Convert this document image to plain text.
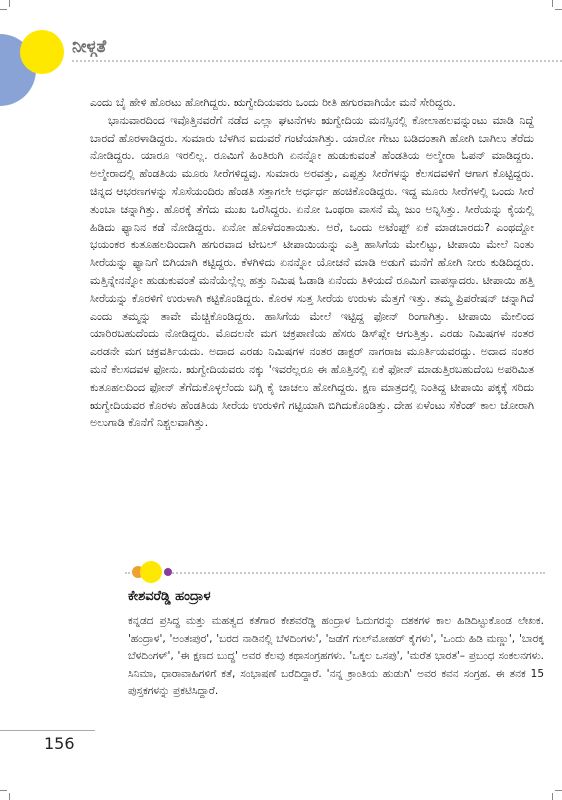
ನೀಳ್ಗತೆ

ಎಂದು ಬೈ ಹೇಳಿ ಹೊರಟು ಹೋಗಿದ್ದರು. ಋಗ್ವೇದಿಯವರು ಒಂದು ರೀತಿ ಹಗುರವಾಗಿಯೇ ಮನೆ ಸೇರಿದ್ದರು.

ಭಾನುವಾರದಿಂದ ಇವೊತ್ತಿನವರೆಗೆ ನಡೆದ ಎಲ್ಲಾ ಘಟನೆಗಳು ಋಗ್ವೇದಿಯ ಮನಸ್ಸಿನಲ್ಲಿ ಕೋಲಾಹಲವನ್ನುಂಟು ಮಾಡಿ ನಿದ್ದೆ ಬಾರದೆ ಹೊರಳಾಡಿದ್ದರು. ಸುಮಾರು ಬೆಳಗಿನ ಐದುವರೆ ಗಂಟೆಯಾಗಿತ್ತು. ಯಾರೋ ಗೇಟು ಬಡಿದಂತಾಗಿ ಹೋಗಿ ಬಾಗಿಲು ತೆರೆದು ನೋಡಿದ್ದರು. ಯಾರೂ ಇರಲಿಲ್ಲ. ರೂಮಿಗೆ ಹಿಂತಿರುಗಿ ಏನನ್ನೋ ಹುಡುಕುವಂತೆ ಹೆಂಡತಿಯ ಅಲ್ಮೇರಾ ಓಪನ್ ಮಾಡಿದ್ದರು. ಅಲ್ಮೇರಾದಲ್ಲಿ ಹೆಂಡತಿಯ ಮೂರು ಸೀರೆಗಳಿದ್ದವು. ಸುಮಾರು ಅರವತ್ತು, ಎಪ್ಪತ್ತು ಸೀರೆಗಳನ್ನು ಕೆಲಸದವಳಿಗೆ ಆಗಾಗ ಕೊಟ್ಟಿದ್ದರು. ಚಿನ್ನದ ಆಭರಣಗಳನ್ನು ಸೊಸೆಯಂದಿರು ಹೆಂಡತಿ ಸತ್ತಾಗಲೇ ಅರ್ಧರ್ಧ ಹಂಚಿಕೊಂಡಿದ್ದರು. ಇದ್ದ ಮೂರು ಸೀರೆಗಳಲ್ಲಿ ಒಂದು ಸೀರೆ ತುಂಬಾ ಚನ್ನಾಗಿತ್ತು. ಹೊರಕ್ಕೆ ತೆಗೆದು ಮುಖ ಒರೆಸಿದ್ದರು. ಏನೋ ಒಂಥರಾ ವಾಸನೆ ಮೈ ಜುಂ ಅನ್ನಿಸಿತ್ತು. ಸೀರೆಯನ್ನು ಕೈಯಲ್ಲಿ ಹಿಡಿದು ಫ್ಯಾನಿನ ಕಡೆ ನೋಡಿದ್ದರು. ಏನೋ ಹೊಳೆದಂತಾಯಿತು. ಅರೆ, ಒಂದು ಅಟೆಂಪ್ಟ್ ಏಕೆ ಮಾಡಬಾರದು? ಎಂಥದ್ದೋ ಭಯಂಕರ ಕುತೂಹಲದಿಂದಾಗಿ ಹಗುರವಾದ ಟೇಬಲ್ ಟೀಪಾಯಿಯನ್ನು ಎತ್ತಿ ಹಾಸಿಗೆಯ ಮೇಲಿಟ್ಟು, ಟೀಪಾಯಿ ಮೇಲೆ ನಿಂತು ಸೀರೆಯನ್ನು ಫ್ಯಾನಿಗೆ ಬಿಗಿಯಾಗಿ ಕಟ್ಟಿದ್ದರು. ಕೆಳಗಿಳಿದು ಏನನ್ನೋ ಯೋಚನೆ ಮಾಡಿ ಅಡುಗೆ ಮನೆಗೆ ಹೋಗಿ ನೀರು ಕುಡಿದಿದ್ದರು. ಮತ್ತಿನ್ನೇನನ್ನೋ ಹುಡುಕುವಂತೆ ಮನೆಯೆಲ್ಲೆಲ್ಲ ಹತ್ತು ನಿಮಿಷ ಓಡಾಡಿ ಏನೆಂದು ತಿಳಿಯದೆ ರೂಮಿಗೆ ವಾಪಸ್ಸಾದರು. ಟೀಪಾಯಿ ಹತ್ತಿ ಸೀರೆಯನ್ನು ಕೊರಳಿಗೆ ಉರುಳಾಗಿ ಕಟ್ಟಿಕೊಂಡಿದ್ದರು. ಕೊರಳ ಸುತ್ತ ಸೀರೆಯ ಉರುಳು ಮೆತ್ತಗೆ ಇತ್ತು. ತಮ್ಮ ಪ್ರಿಪರೇಷನ್ ಚನ್ನಾಗಿದೆ ಎಂದು ತಮ್ಮನ್ನು ತಾವೇ ಮೆಚ್ಚಿಕೊಂಡಿದ್ದರು. ಹಾಸಿಗೆಯ ಮೇಲೆ ಇಟ್ಟಿದ್ದ ಫೋನ್ ರಿಂಗಾಗಿತ್ತು. ಟೀಪಾಯಿ ಮೇಲಿಂದ ಯಾರಿರಬಹುದೆಂದು ನೋಡಿದ್ದರು. ಮೊದಲನೇ ಮಗ ಚಕ್ರಪಾಣಿಯ ಹೆಸರು ಡಿಸ್‌ಪ್ಲೇ ಆಗುತ್ತಿತ್ತು. ಎರಡು ನಿಮಿಷಗಳ ನಂತರ ಎರಡನೇ ಮಗ ಚಕ್ರವರ್ತಿಯದು. ಅದಾದ ಎರಡು ನಿಮಿಷಗಳ ನಂತರ ಡಾಕ್ಟರ್ ನಾಗರಾಜ ಮೂರ್ತಿಯವರದ್ದು. ಅದಾದ ನಂತರ ಮನೆ ಕೆಲಸದವಳ ಫೋನು. ಋಗ್ವೇದಿಯವರು ನಕ್ಕು 'ಇವರೆಲ್ಲರೂ ಈ ಹೊತ್ತಿನಲ್ಲಿ ಏಕೆ ಫೋನ್ ಮಾಡುತ್ತಿರಬಹುದೆಂಬ ಅಪರಿಮಿತ ಕುತೂಹಲದಿಂದ ಫೋನ್ ತೆಗೆದುಕೊಳ್ಳಲೆಂದು ಬಗ್ಗಿ ಕೈ ಚಾಚಲು ಹೋಗಿದ್ದರು. ಕ್ಷಣ ಮಾತ್ರದಲ್ಲಿ ನಿಂತಿದ್ದ ಟೀಪಾಯಿ ಪಕ್ಕಕ್ಕೆ ಸರಿದು ಋಗ್ವೇದಿಯವರ ಕೊರಳು ಹೆಂಡತಿಯ ಸೀರೆಯ ಉರುಳಿಗೆ ಗಟ್ಟಿಯಾಗಿ ಬಿಗಿದುಕೊಂಡಿತ್ತು. ದೇಹ ಏಳೆಂಟು ಸೆಕೆಂಡ್ ಕಾಲ ಜೋರಾಗಿ ಅಲುಗಾಡಿ ಕೊನೆಗೆ ನಿಶ್ಚಲವಾಗಿತ್ತು.

ಕೇಶವರೆಡ್ಡಿ ಹಂದ್ರಾಳ
ಕನ್ನಡದ ಪ್ರಸಿದ್ಧ ಮತ್ತು ಮಹತ್ವದ ಕತೆಗಾರ ಕೇಶವರೆಡ್ಡಿ ಹಂದ್ರಾಳ ಓದುಗರನ್ನು ದಶಕಗಳ ಕಾಲ ಹಿಡಿದಿಟ್ಟುಕೊಂಡ ಲೇಖಕ. 'ಹಂದ್ರಾಳ', 'ಅಂತಃಪುರ', 'ಬರದ ನಾಡಿನಲ್ಲಿ ಬೆಳದಿಂಗಳು', 'ಜಡೆಗೆ ಗುಲ್‌ಮೋಹರ್ ಕೈಗಳು', 'ಒಂದು ಹಿಡಿ ಮಣ್ಣು', 'ಬಾರಕ್ಕ ಬೆಳದಿಂಗಳ್', 'ಈ ಕ್ಷಣದ ಬುದ್ಧ' ಅವರ ಕೆಲವು ಕಥಾಸಂಗ್ರಹಗಳು. 'ಒಕ್ಕಲ ಒಸಪು', 'ಮರೆತ ಭಾರತ'– ಪ್ರಬಂಧ ಸಂಕಲನಗಳು. ಸಿನಿಮಾ, ಧಾರಾವಾಹಿಗಳಿಗೆ ಕತೆ, ಸಂಭಾಷಣೆ ಬರೆದಿದ್ದಾರೆ. 'ನನ್ನ ಕ್ರಾಂತಿಯ ಹುಡುಗಿ' ಅವರ ಕವನ ಸಂಗ್ರಹ. ಈ ತನಕ 15 ಪುಸ್ತಕಗಳನ್ನು ಪ್ರಕಟಿಸಿದ್ದಾರೆ.
156
